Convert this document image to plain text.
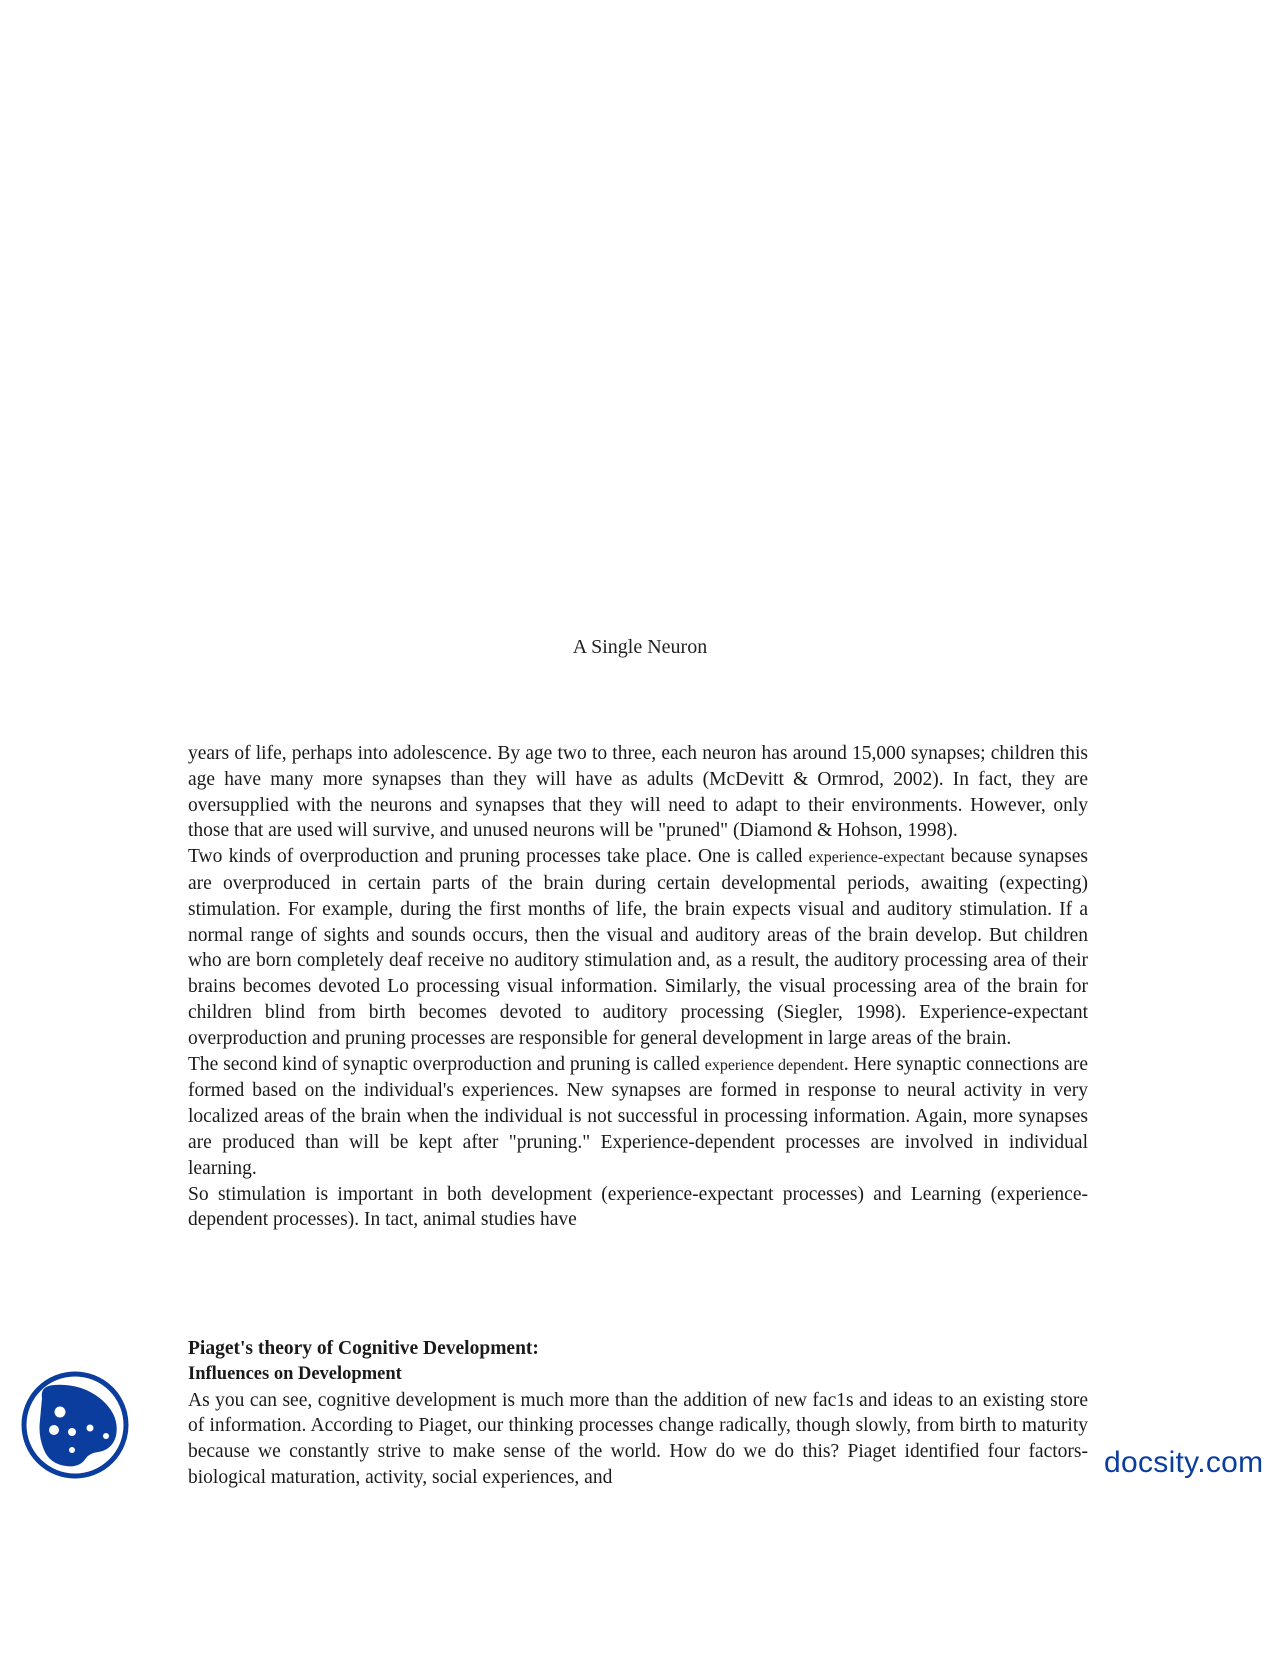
A Single Neuron

years of life, perhaps into adolescence. By age two to three, each neuron has around 15,000 synapses; children this age have many more synapses than they will have as adults (McDevitt & Ormrod, 2002). In fact, they are oversupplied with the neurons and synapses that they will need to adapt to their environments. However, only those that are used will survive, and unused neurons will be "pruned" (Diamond & Hohson, 1998).

Two kinds of overproduction and pruning processes take place. One is called experience-expectant because synapses are overproduced in certain parts of the brain during certain developmental periods, awaiting (expecting) stimulation. For example, during the first months of life, the brain expects visual and auditory stimulation. If a normal range of sights and sounds occurs, then the visual and auditory areas of the brain develop. But children who are born completely deaf receive no auditory stimulation and, as a result, the auditory processing area of their brains becomes devoted Lo processing visual information. Similarly, the visual processing area of the brain for children blind from birth becomes devoted to auditory processing (Siegler, 1998). Experience-expectant overproduction and pruning processes are responsible for general development in large areas of the brain.

The second kind of synaptic overproduction and pruning is called experience dependent. Here synaptic connections are formed based on the individual's experiences. New synapses are formed in response to neural activity in very localized areas of the brain when the individual is not successful in processing information. Again, more synapses are produced than will be kept after "pruning." Experience-dependent processes are involved in individual learning.

So stimulation is important in both development (experience-expectant processes) and Learning (experience-dependent processes). In tact, animal studies have

Piaget's theory of Cognitive Development:
Influences on Development

As you can see, cognitive development is much more than the addition of new fac1s and ideas to an existing store of information. According to Piaget, our thinking processes change radically, though slowly, from birth to maturity because we constantly strive to make sense of the world. How do we do this? Piaget identified four factors-biological maturation, activity, social experiences, and	docsity.com
